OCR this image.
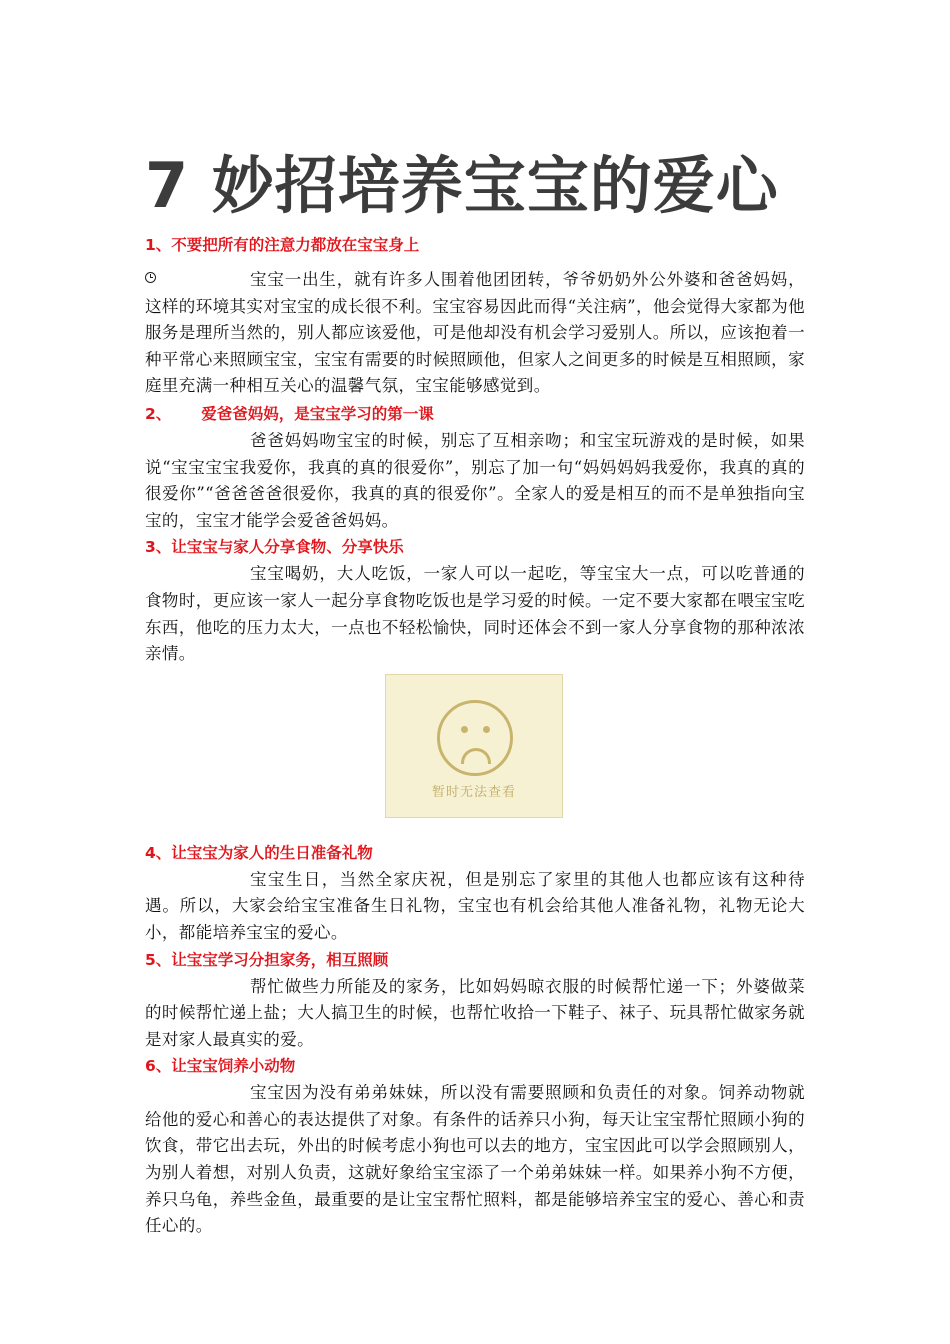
7 妙招培养宝宝的爱心
1、不要把所有的注意力都放在宝宝身上

宝宝一出生，就有许多人围着他团团转，爷爷奶奶外公外婆和爸爸妈妈，这样的环境其实对宝宝的成长很不利。宝宝容易因此而得“关注病”，他会觉得大家都为他服务是理所当然的，别人都应该爱他，可是他却没有机会学习爱别人。所以，应该抱着一种平常心来照顾宝宝，宝宝有需要的时候照顾他，但家人之间更多的时候是互相照顾，家庭里充满一种相互关心的温馨气氛，宝宝能够感觉到。

2、 爱爸爸妈妈，是宝宝学习的第一课

爸爸妈妈吻宝宝的时候，别忘了互相亲吻；和宝宝玩游戏的是时候，如果说“宝宝宝宝我爱你，我真的真的很爱你”，别忘了加一句“妈妈妈妈我爱你，我真的真的很爱你”“爸爸爸爸很爱你，我真的真的很爱你”。全家人的爱是相互的而不是单独指向宝宝的，宝宝才能学会爱爸爸妈妈。

3、让宝宝与家人分享食物、分享快乐

宝宝喝奶，大人吃饭，一家人可以一起吃，等宝宝大一点，可以吃普通的食物时，更应该一家人一起分享食物吃饭也是学习爱的时候。一定不要大家都在喂宝宝吃东西，他吃的压力太大，一点也不轻松愉快，同时还体会不到一家人分享食物的那种浓浓亲情。

暂时无法查看
4、让宝宝为家人的生日准备礼物

宝宝生日，当然全家庆祝，但是别忘了家里的其他人也都应该有这种待遇。所以，大家会给宝宝准备生日礼物，宝宝也有机会给其他人准备礼物，礼物无论大小，都能培养宝宝的爱心。

5、让宝宝学习分担家务，相互照顾

帮忙做些力所能及的家务，比如妈妈晾衣服的时候帮忙递一下；外婆做菜的时候帮忙递上盐；大人搞卫生的时候，也帮忙收拾一下鞋子、袜子、玩具帮忙做家务就是对家人最真实的爱。

6、让宝宝饲养小动物

宝宝因为没有弟弟妹妹，所以没有需要照顾和负责任的对象。饲养动物就给他的爱心和善心的表达提供了对象。有条件的话养只小狗，每天让宝宝帮忙照顾小狗的饮食，带它出去玩，外出的时候考虑小狗也可以去的地方，宝宝因此可以学会照顾别人，为别人着想，对别人负责，这就好象给宝宝添了一个弟弟妹妹一样。如果养小狗不方便，养只乌龟，养些金鱼，最重要的是让宝宝帮忙照料，都是能够培养宝宝的爱心、善心和责任心的。
